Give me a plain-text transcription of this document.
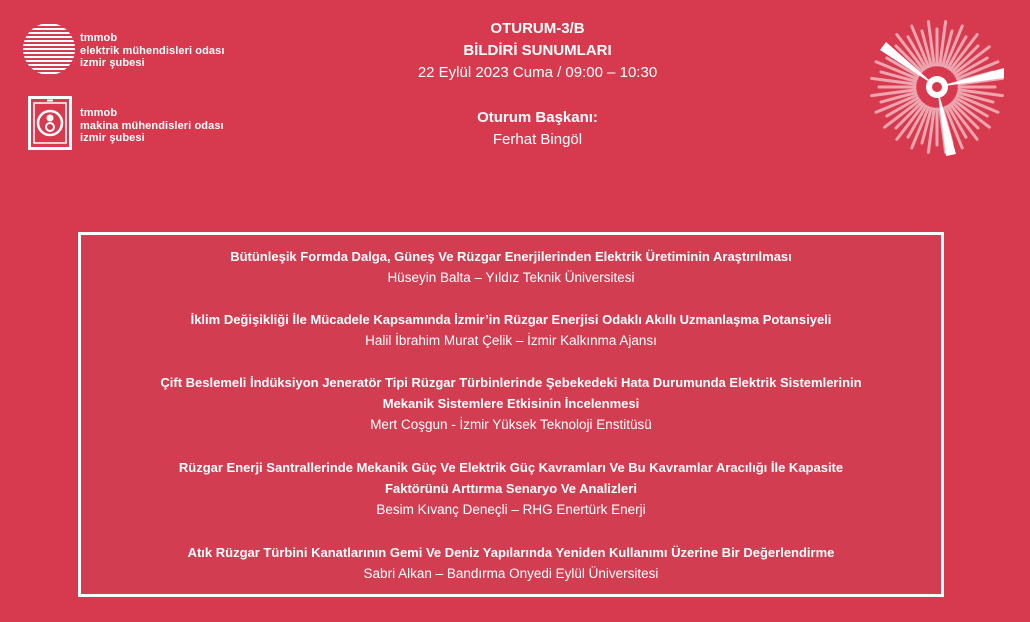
tmmob
elektrik mühendisleri odası
izmir şubesi
tmmob
makina mühendisleri odası
izmir şubesi
OTURUM-3/B
BİLDİRİ SUNUMLARI
22 Eylül 2023 Cuma / 09:00 – 10:30
Oturum Başkanı:
Ferhat Bingöl
Bütünleşik Formda Dalga, Güneş Ve Rüzgar Enerjilerinden Elektrik Üretiminin Araştırılması
Hüseyin Balta – Yıldız Teknik Üniversitesi
İklim Değişikliği İle Mücadele Kapsamında İzmir’in Rüzgar Enerjisi Odaklı Akıllı Uzmanlaşma Potansiyeli
Halil İbrahim Murat Çelik – İzmir Kalkınma Ajansı
Çift Beslemeli İndüksiyon Jeneratör Tipi Rüzgar Türbinlerinde Şebekedeki Hata Durumunda Elektrik Sistemlerinin
Mekanik Sistemlere Etkisinin İncelenmesi
Mert Coşgun - İzmir Yüksek Teknoloji Enstitüsü
Rüzgar Enerji Santrallerinde Mekanik Güç Ve Elektrik Güç Kavramları Ve Bu Kavramlar Aracılığı İle Kapasite
Faktörünü Arttırma Senaryo Ve Analizleri
Besim Kıvanç Deneçli – RHG Enertürk Enerji
Atık Rüzgar Türbini Kanatlarının Gemi Ve Deniz Yapılarında Yeniden Kullanımı Üzerine Bir Değerlendirme
Sabri Alkan – Bandırma Onyedi Eylül Üniversitesi
